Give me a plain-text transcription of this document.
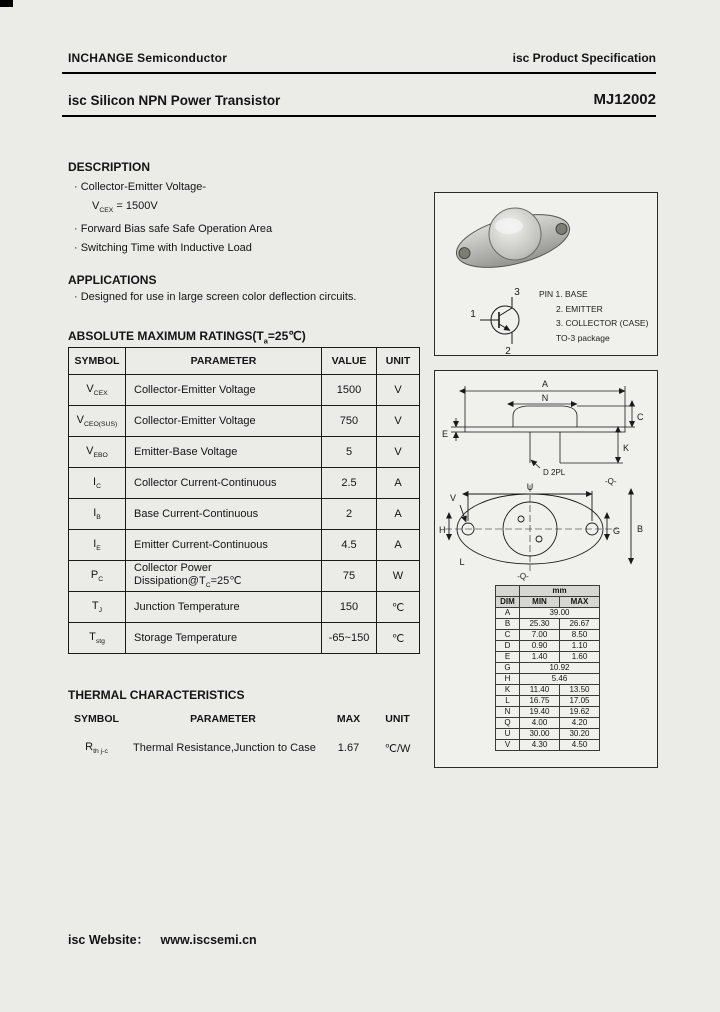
INCHANGE Semiconductor	isc Product Specification
isc Silicon NPN Power Transistor	MJ12002
DESCRIPTION
· Collector-Emitter Voltage-
$V_{CEX} = 1500V$
· Forward Bias safe Safe Operation Area
· Switching Time with Inductive Load
APPLICATIONS
· Designed for use in large screen color deflection circuits.
ABSOLUTE MAXIMUM $RATINGS(T_a=25℃)$
SYMBOL	PARAMETER	VALUE	UNIT
$V_{CEX}$	Collector-Emitter Voltage	1500	V
$V_{CEO(SUS)}$	Collector-Emitter Voltage	750	V
$V_{EBO}$	Emitter-Base Voltage	5	V
$I_C$	Collector Current-Continuous	2.5	A
$I_B$	Base Current-Continuous	2	A
$I_E$	Emitter Current-Continuous	4.5	A
$P_C$	Collector Power $Dissipation@T_C=25℃$	75	W
$T_J$	Junction Temperature	150	℃
$T_{stg}$	Storage Temperature	-65~150	℃
THERMAL CHARACTERISTICS
SYMBOL	PARAMETER	MAX	UNIT
$R_{th j-c}$	Thermal Resistance,Junction to Case	1.67	℃/W
3
1
2
PIN 1. BASE
2. EMITTER
3. COLLECTOR (CASE)
TO-3 package
A
N
C
E
K
D 2PL
-Q-
U
V
H	G B
L
-Q-
	mm	
DIM	MIN	MAX
A	39.00	
B	25.30	26.67
C	7.00	8.50
D	0.90	1.10
E	1.40	1.60
G	10.92	
H	5.46	
K	11.40	13.50
L	16.75	17.05
N	19.40	19.62
Q	4.00	4.20
U	30.00	30.20
V	4.30	4.50
isc Website： www.iscsemi.cn
